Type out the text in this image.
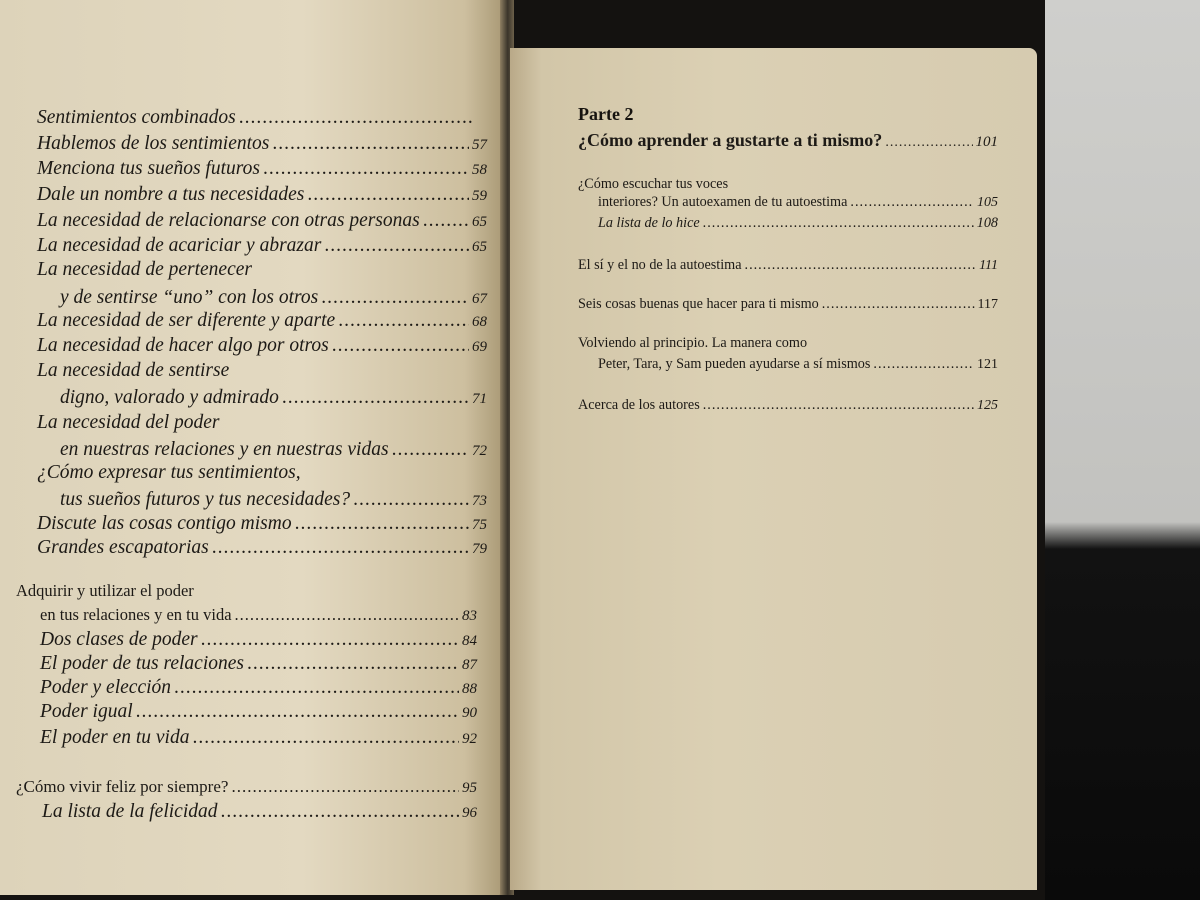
Sentimientos combinados
.....
Hablemos de los sentimientos .....	57
Menciona tus sueños futuros .....	58
Dale un nombre a tus necesidades .....	59
La necesidad de relacionarse con otras personas .....	65
La necesidad de acariciar y abrazar .....	65
La necesidad de pertenecer
y de sentirse “uno” con los otros .....	67
La necesidad de ser diferente y aparte .....	68
La necesidad de hacer algo por otros .....	69
La necesidad de sentirse
digno, valorado y admirado .....	71
La necesidad del poder
en nuestras relaciones y en nuestras vidas .....	72
¿Cómo expresar tus sentimientos,
tus sueños futuros y tus necesidades? .....	73
Discute las cosas contigo mismo .....	75
Grandes escapatorias .....	79
Adquirir y utilizar el poder
en tus relaciones y en tu vida .....	83
Dos clases de poder .....	84
El poder de tus relaciones .....	87
Poder y elección .....	88
Poder igual .....	90
El poder en tu vida .....	92
¿Cómo vivir feliz por siempre? .....	95
La lista de la felicidad .....	96
Parte 2
¿Cómo aprender a gustarte a ti mismo? .....	101
¿Cómo escuchar tus voces
interiores? Un autoexamen de tu autoestima .....	105
La lista de lo hice .....	108
El sí y el no de la autoestima .....	111
Seis cosas buenas que hacer para ti mismo .....	117
Volviendo al principio. La manera como
Peter, Tara, y Sam pueden ayudarse a sí mismos .....	121
Acerca de los autores .....	125
